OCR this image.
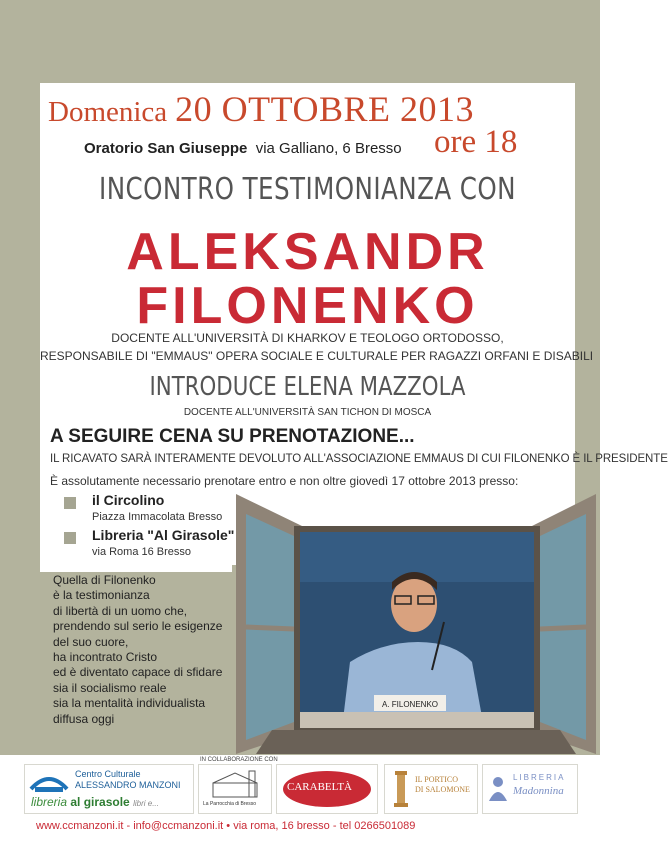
Domenica 20 OTTOBRE 2013
Oratorio San Giuseppe via Galliano, 6 Bresso ore 18
INCONTRO TESTIMONIANZA CON
ALEKSANDR
FILONENKO
DOCENTE ALL'UNIVERSITÀ DI KHARKOV E TEOLOGO ORTODOSSO,
RESPONSABILE DI "EMMAUS" OPERA SOCIALE E CULTURALE PER RAGAZZI ORFANI E DISABILI
INTRODUCE ELENA MAZZOLA
DOCENTE ALL'UNIVERSITÀ SAN TICHON DI MOSCA
A SEGUIRE CENA SU PRENOTAZIONE...
IL RICAVATO SARÀ INTERAMENTE DEVOLUTO ALL'ASSOCIAZIONE EMMAUS DI CUI FILONENKO È IL PRESIDENTE
È assolutamente necessario prenotare entro e non oltre giovedì 17 ottobre 2013 presso:
il Circolino
Piazza Immacolata Bresso
Libreria "Al Girasole"
via Roma 16 Bresso
Quella di Filonenko
è la testimonianza
di libertà di un uomo che,
prendendo sul serio le esigenze
del suo cuore,
ha incontrato Cristo
ed è diventato capace di sfidare
sia il socialismo reale
sia la mentalità individualista
diffusa oggi
A. FILONENKO
Centro Culturale
ALESSANDRO MANZONI
libreria al girasole libri e...
IN COLLABORAZIONE CON
La Parrocchia di Bresso
CARABELTÀ
IL PORTICO
DI SALOMONE
LIBRERIA
Madonnina
www.ccmanzoni.it - info@ccmanzoni.it • via roma, 16 bresso - tel 0266501089
